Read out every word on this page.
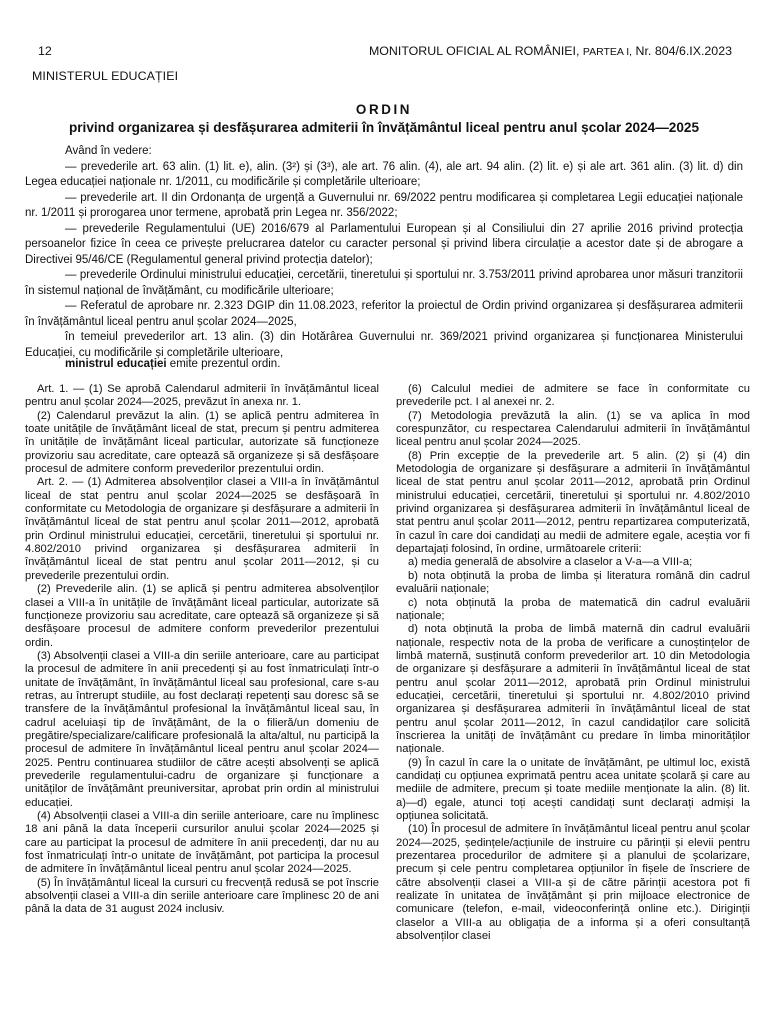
12	MONITORUL OFICIAL AL ROMÂNIEI, PARTEA I, Nr. 804/6.IX.2023
MINISTERUL EDUCAȚIEI
ORDIN
privind organizarea și desfășurarea admiterii în învățământul liceal pentru anul școlar 2024—2025

Având în vedere:

— prevederile art. 63 alin. (1) lit. e), alin. (3²) și (3³), ale art. 76 alin. (4), ale art. 94 alin. (2) lit. e) și ale art. 361 alin. (3) lit. d) din Legea educației naționale nr. 1/2011, cu modificările și completările ulterioare;

— prevederile art. II din Ordonanța de urgență a Guvernului nr. 69/2022 pentru modificarea și completarea Legii educației naționale nr. 1/2011 și prorogarea unor termene, aprobată prin Legea nr. 356/2022;

— prevederile Regulamentului (UE) 2016/679 al Parlamentului European și al Consiliului din 27 aprilie 2016 privind protecția persoanelor fizice în ceea ce privește prelucrarea datelor cu caracter personal și privind libera circulație a acestor date și de abrogare a Directivei 95/46/CE (Regulamentul general privind protecția datelor);

— prevederile Ordinului ministrului educației, cercetării, tineretului și sportului nr. 3.753/2011 privind aprobarea unor măsuri tranzitorii în sistemul național de învățământ, cu modificările ulterioare;

— Referatul de aprobare nr. 2.323 DGIP din 11.08.2023, referitor la proiectul de Ordin privind organizarea și desfășurarea admiterii în învățământul liceal pentru anul școlar 2024—2025,

în temeiul prevederilor art. 13 alin. (3) din Hotărârea Guvernului nr. 369/2021 privind organizarea și funcționarea Ministerului Educației, cu modificările și completările ulterioare,

ministrul educației emite prezentul ordin.

Art. 1. — (1) Se aprobă Calendarul admiterii în învățământul liceal pentru anul școlar 2024—2025, prevăzut în anexa nr. 1.

(2) Calendarul prevăzut la alin. (1) se aplică pentru admiterea în toate unitățile de învățământ liceal de stat, precum și pentru admiterea în unitățile de învățământ liceal particular, autorizate să funcționeze provizoriu sau acreditate, care optează să organizeze și să desfășoare procesul de admitere conform prevederilor prezentului ordin.

Art. 2. — (1) Admiterea absolvenților clasei a VIII-a în învățământul liceal de stat pentru anul școlar 2024—2025 se desfășoară în conformitate cu Metodologia de organizare și desfășurare a admiterii în învățământul liceal de stat pentru anul școlar 2011—2012, aprobată prin Ordinul ministrului educației, cercetării, tineretului și sportului nr. 4.802/2010 privind organizarea și desfășurarea admiterii în învățământul liceal de stat pentru anul școlar 2011—2012, și cu prevederile prezentului ordin.

(2) Prevederile alin. (1) se aplică și pentru admiterea absolvenților clasei a VIII-a în unitățile de învățământ liceal particular, autorizate să funcționeze provizoriu sau acreditate, care optează să organizeze și să desfășoare procesul de admitere conform prevederilor prezentului ordin.

(3) Absolvenții clasei a VIII-a din seriile anterioare, care au participat la procesul de admitere în anii precedenți și au fost înmatriculați într-o unitate de învățământ, în învățământul liceal sau profesional, care s-au retras, au întrerupt studiile, au fost declarați repetenți sau doresc să se transfere de la învățământul profesional la învățământul liceal sau, în cadrul aceluiași tip de învățământ, de la o filieră/un domeniu de pregătire/specializare/calificare profesională la alta/altul, nu participă la procesul de admitere în învățământul liceal pentru anul școlar 2024—2025. Pentru continuarea studiilor de către acești absolvenți se aplică prevederile regulamentului-cadru de organizare și funcționare a unităților de învățământ preuniversitar, aprobat prin ordin al ministrului educației.

(4) Absolvenții clasei a VIII-a din seriile anterioare, care nu împlinesc 18 ani până la data începerii cursurilor anului școlar 2024—2025 și care au participat la procesul de admitere în anii precedenți, dar nu au fost înmatriculați într-o unitate de învățământ, pot participa la procesul de admitere în învățământul liceal pentru anul școlar 2024—2025.

(5) În învățământul liceal la cursuri cu frecvență redusă se pot înscrie absolvenții clasei a VIII-a din seriile anterioare care împlinesc 20 de ani până la data de 31 august 2024 inclusiv.

(6) Calculul mediei de admitere se face în conformitate cu prevederile pct. I al anexei nr. 2.

(7) Metodologia prevăzută la alin. (1) se va aplica în mod corespunzător, cu respectarea Calendarului admiterii în învățământul liceal pentru anul școlar 2024—2025.

(8) Prin excepție de la prevederile art. 5 alin. (2) și (4) din Metodologia de organizare și desfășurare a admiterii în învățământul liceal de stat pentru anul școlar 2011—2012, aprobată prin Ordinul ministrului educației, cercetării, tineretului și sportului nr. 4.802/2010 privind organizarea și desfășurarea admiterii în învățământul liceal de stat pentru anul școlar 2011—2012, pentru repartizarea computerizată, în cazul în care doi candidați au medii de admitere egale, aceștia vor fi departajați folosind, în ordine, următoarele criterii:

a) media generală de absolvire a claselor a V-a—a VIII-a;

b) nota obținută la proba de limba și literatura română din cadrul evaluării naționale;

c) nota obținută la proba de matematică din cadrul evaluării naționale;

d) nota obținută la proba de limbă maternă din cadrul evaluării naționale, respectiv nota de la proba de verificare a cunoștințelor de limbă maternă, susținută conform prevederilor art. 10 din Metodologia de organizare și desfășurare a admiterii în învățământul liceal de stat pentru anul școlar 2011—2012, aprobată prin Ordinul ministrului educației, cercetării, tineretului și sportului nr. 4.802/2010 privind organizarea și desfășurarea admiterii în învățământul liceal de stat pentru anul școlar 2011—2012, în cazul candidaților care solicită înscrierea la unități de învățământ cu predare în limba minorităților naționale.

(9) În cazul în care la o unitate de învățământ, pe ultimul loc, există candidați cu opțiunea exprimată pentru acea unitate școlară și care au mediile de admitere, precum și toate mediile menționate la alin. (8) lit. a)—d) egale, atunci toți acești candidați sunt declarați admiși la opțiunea solicitată.

(10) În procesul de admitere în învățământul liceal pentru anul școlar 2024—2025, ședințele/acțiunile de instruire cu părinții și elevii pentru prezentarea procedurilor de admitere și a planului de școlarizare, precum și cele pentru completarea opțiunilor în fișele de înscriere de către absolvenții clasei a VIII-a și de către părinții acestora pot fi realizate în unitatea de învățământ și prin mijloace electronice de comunicare (telefon, e-mail, videoconferință online etc.). Diriginții claselor a VIII-a au obligația de a informa și a oferi consultanță absolvenților clasei
